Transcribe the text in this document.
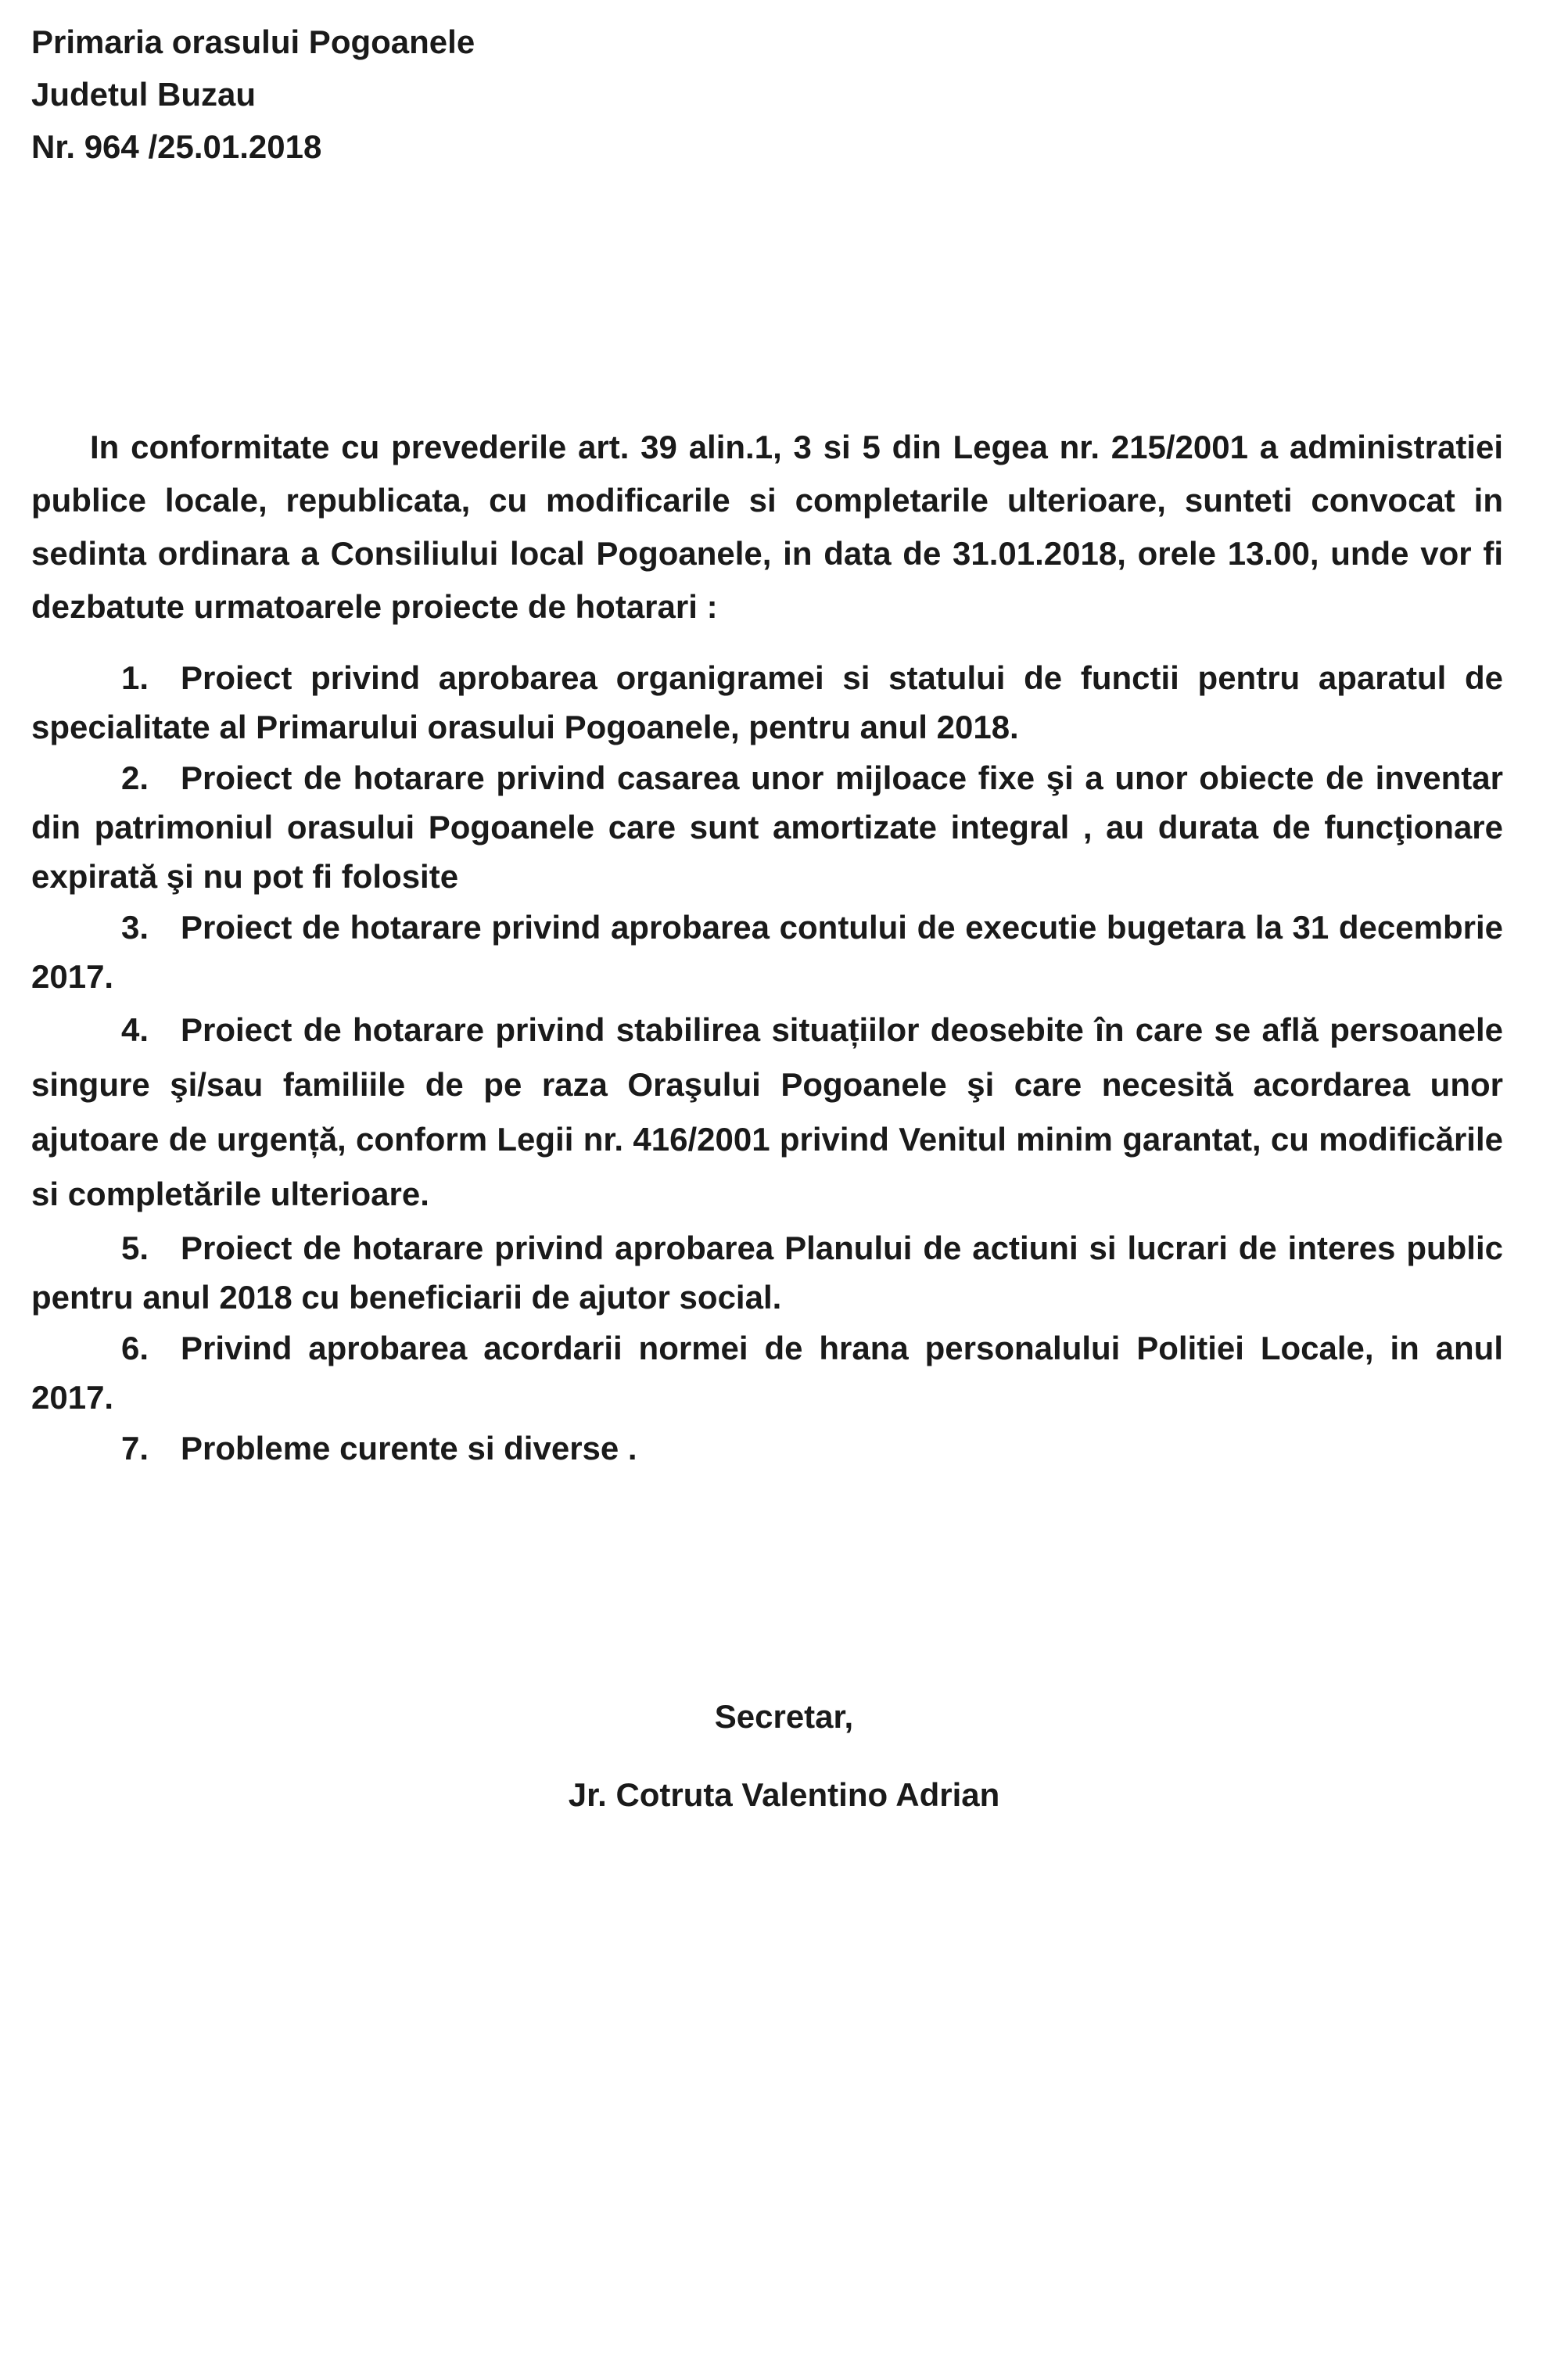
Primaria orasului Pogoanele
Judetul Buzau
Nr. 964 /25.01.2018
In conformitate cu prevederile art. 39 alin.1, 3 si 5 din Legea nr. 215/2001 a administratiei publice locale, republicata, cu modificarile si completarile ulterioare, sunteti convocat in sedinta ordinara a Consiliului local Pogoanele, in data de 31.01.2018, orele 13.00, unde vor fi dezbatute urmatoarele proiecte de hotarari :
1. Proiect privind aprobarea organigramei si statului de functii pentru aparatul de specialitate al Primarului orasului Pogoanele, pentru anul 2018.
2. Proiect de hotarare privind casarea unor mijloace fixe şi a unor obiecte de inventar din patrimoniul orasului Pogoanele care sunt amortizate integral , au durata de funcţionare expirată şi nu pot fi folosite
3. Proiect de hotarare privind aprobarea contului de executie bugetara la 31 decembrie 2017.
4. Proiect de hotarare privind stabilirea situațiilor deosebite în care se află persoanele singure şi/sau familiile de pe raza Oraşului Pogoanele şi care necesită acordarea unor ajutoare de urgență, conform Legii nr. 416/2001 privind Venitul minim garantat, cu modificările si completările ulterioare.
5. Proiect de hotarare privind aprobarea Planului de actiuni si lucrari de interes public pentru anul 2018 cu beneficiarii de ajutor social.
6. Privind aprobarea acordarii normei de hrana personalului Politiei Locale, in anul 2017.
7. Probleme curente si diverse .
Secretar,
Jr. Cotruta Valentino Adrian
